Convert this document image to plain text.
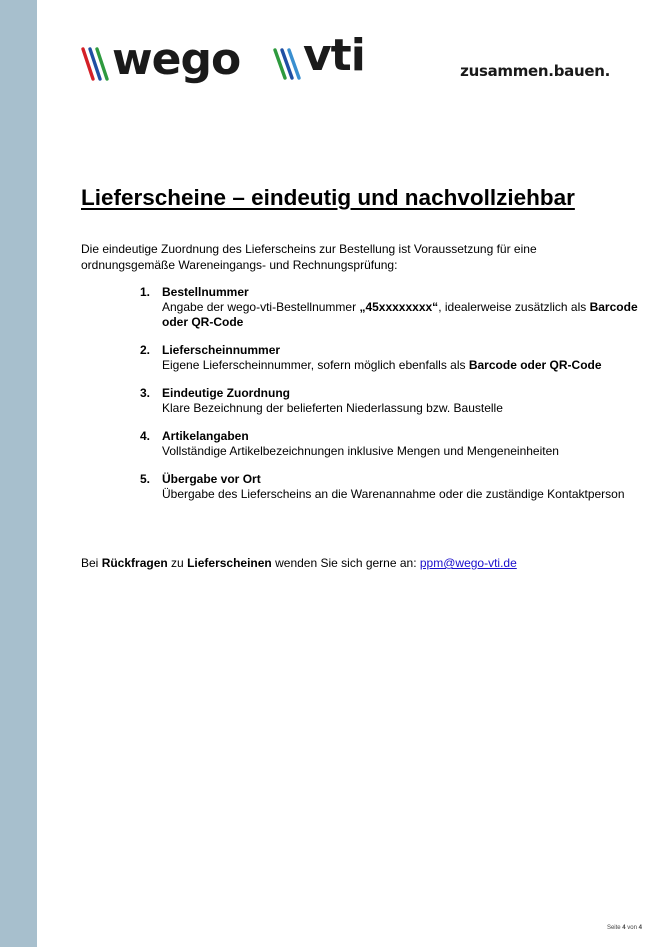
wego vti	zusammen.bauen.
Lieferscheine – eindeutig und nachvollziehbar

Die eindeutige Zuordnung des Lieferscheins zur Bestellung ist Voraussetzung für eine ordnungsgemäße Wareneingangs- und Rechnungsprüfung:

1. Bestellnummer
Angabe der wego-vti-Bestellnummer „45xxxxxxxx“, idealerweise zusätzlich als Barcode oder QR-Code
2. Lieferscheinnummer
Eigene Lieferscheinnummer, sofern möglich ebenfalls als Barcode oder QR-Code
3. Eindeutige Zuordnung
Klare Bezeichnung der belieferten Niederlassung bzw. Baustelle
4. Artikelangaben
Vollständige Artikelbezeichnungen inklusive Mengen und Mengeneinheiten
5. Übergabe vor Ort
Übergabe des Lieferscheins an die Warenannahme oder die zuständige Kontaktperson

Bei Rückfragen zu Lieferscheinen wenden Sie sich gerne an: ppm@wego-vti.de

Seite 4 von 4
